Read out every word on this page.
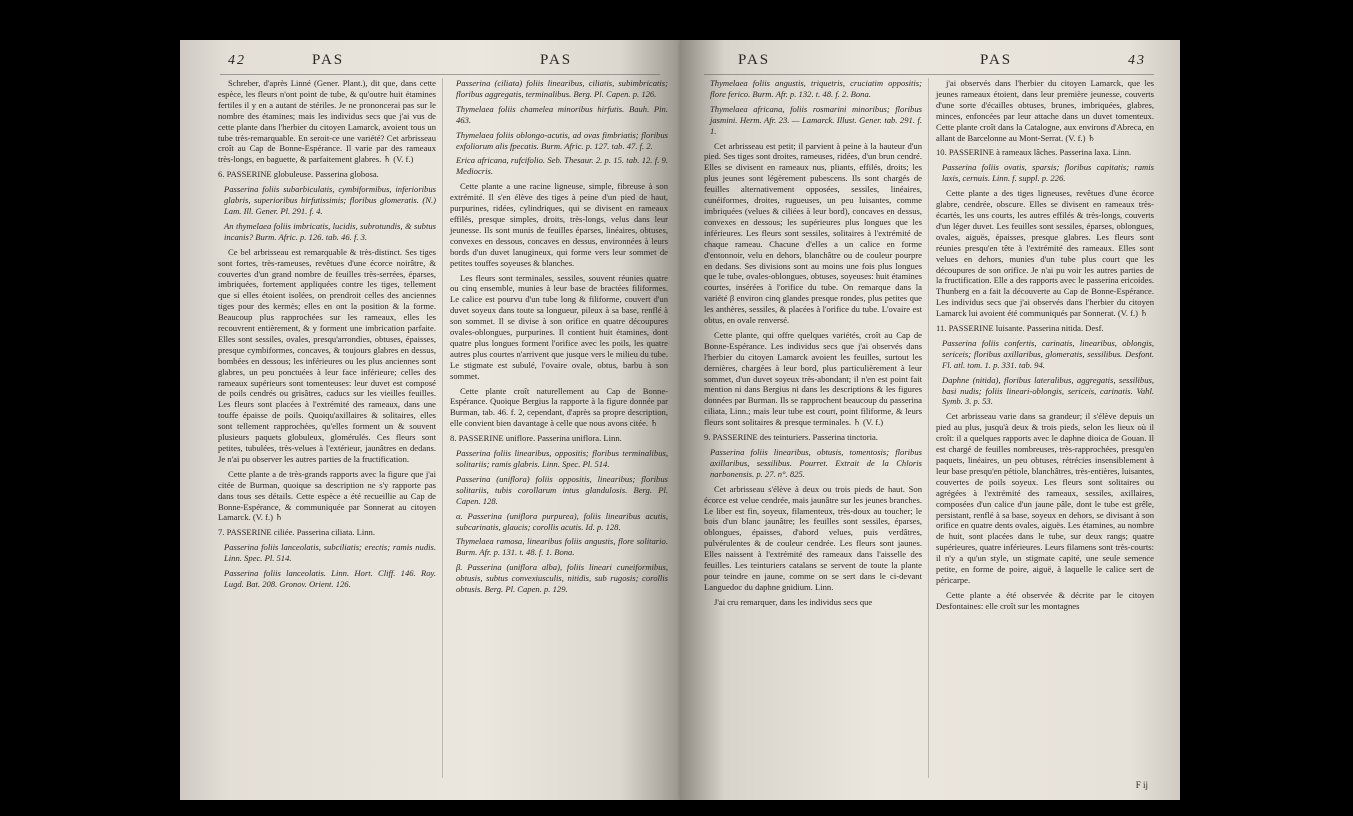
42	PAS	PAS

Schreber, d'après Linné (Gener. Plant.), dit que, dans cette espèce, les fleurs n'ont point de tube, & qu'outre huit étamines fertiles il y en a autant de stériles. Je ne prononcerai pas sur le nombre des étamines; mais les individus secs que j'ai vus de cette plante dans l'herbier du citoyen Lamarck, avoient tous un tube très-remarquable. En seroit-ce une variété? Cet arbrisseau croît au Cap de Bonne-Espérance. Il varie par des rameaux très-longs, en baguette, & parfaitement glabres. ♄ (V. f.)

6. PASSERINE globuleuse. Passerina globosa.

Passerina foliis subarbiculatis, cymbiformibus, inferioribus glabris, superioribus hirfutissimis; floribus glomeratis. (N.) Lam. Ill. Gener. Pl. 291. f. 4.

An thymelaea foliis imbricatis, lucidis, subrotundis, & subtus incanis? Burm. Afric. p. 126. tab. 46. f. 3.

Ce bel arbrisseau est remarquable & très-distinct. Ses tiges sont fortes, très-rameuses, revêtues d'une écorce noirâtre, & couvertes d'un grand nombre de feuilles très-serrées, éparses, imbriquées, fortement appliquées contre les tiges, tellement que si elles étoient isolées, on prendroit celles des anciennes tiges pour des kermès; elles en ont la position & la forme. Beaucoup plus rapprochées sur les rameaux, elles les recouvrent entièrement, & y forment une imbrication parfaite. Elles sont sessiles, ovales, presqu'arrondies, obtuses, épaisses, presque cymbiformes, concaves, & toujours glabres en dessus, bombées en dessous; les inférieures ou les plus anciennes sont glabres, un peu ponctuées à leur face inférieure; celles des rameaux supérieurs sont tomenteuses: leur duvet est composé de poils cendrés ou grisâtres, caducs sur les vieilles feuilles. Les fleurs sont placées à l'extrémité des rameaux, dans une touffe épaisse de poils. Quoiqu'axillaires & solitaires, elles sont tellement rapprochées, qu'elles forment un & souvent plusieurs paquets globuleux, glomérulés. Ces fleurs sont petites, tubulées, très-velues à l'extérieur, jaunâtres en dedans. Je n'ai pu observer les autres parties de la fructification.

Cette plante a de très-grands rapports avec la figure que j'ai citée de Burman, quoique sa description ne s'y rapporte pas dans tous ses détails. Cette espèce a été recueillie au Cap de Bonne-Espérance, & communiquée par Sonnerat au citoyen Lamarck. (V. f.) ♄

7. PASSERINE ciliée. Passerina ciliata. Linn.

Passerina foliis lanceolatis, subciliatis; erectis; ramis nudis. Linn. Spec. Pl. 514.

Passerina foliis lanceolatis. Linn. Hort. Cliff. 146. Roy. Lugd. Bat. 208. Gronov. Orient. 126.

Passerina (ciliata) foliis linearibus, ciliatis, subimbricatis; floribus aggregatis, terminalibus. Berg. Pl. Capen. p. 126.

Thymelaea foliis chamelea minoribus hirfutis. Bauh. Pin. 463.

Thymelaea foliis oblongo-acutis, ad ovas fimbriatis; floribus exfoliorum alis fpecatis. Burm. Afric. p. 127. tab. 47. f. 2.

Erica africana, rufcifolio. Seb. Thesaur. 2. p. 15. tab. 12. f. 9. Mediocris.

Cette plante a une racine ligneuse, simple, fibreuse à son extrémité. Il s'en élève des tiges à peine d'un pied de haut, purpurines, ridées, cylindriques, qui se divisent en rameaux effilés, presque simples, droits, très-longs, velus dans leur jeunesse. Ils sont munis de feuilles éparses, linéaires, obtuses, convexes en dessous, concaves en dessus, environnées à leurs bords d'un duvet lanugineux, qui forme vers leur sommet de petites touffes soyeuses & blanches.

Les fleurs sont terminales, sessiles, souvent réunies quatre ou cinq ensemble, munies à leur base de bractées filiformes. Le calice est pourvu d'un tube long & filiforme, couvert d'un duvet soyeux dans toute sa longueur, pileux à sa base, renflé à son sommet. Il se divise à son orifice en quatre découpures ovales-oblongues, purpurines. Il contient huit étamines, dont quatre plus longues forment l'orifice avec les poils, les quatre autres plus courtes n'arrivent que jusque vers le milieu du tube. Le stigmate est subulé, l'ovaire ovale, obtus, barbu à son sommet.

Cette plante croît naturellement au Cap de Bonne-Espérance. Quoique Bergius la rapporte à la figure donnée par Burman, tab. 46. f. 2, cependant, d'après sa propre description, elle convient bien davantage à celle que nous avons citée. ♄

8. PASSERINE uniflore. Passerina uniflora. Linn.

Passerina foliis linearibus, oppositis; floribus terminalibus, solitariis; ramis glabris. Linn. Spec. Pl. 514.

Passerina (uniflora) foliis oppositis, linearibus; floribus solitariis, tubis corollarum intus glandulosis. Berg. Pl. Capen. 128.

α. Passerina (uniflora purpurea), foliis linearibus acutis, subcarinatis, glaucis; corollis acutis. Id. p. 128.

Thymelaea ramosa, linearibus foliis angustis, flore solitario. Burm. Afr. p. 131. t. 48. f. 1. Bona.

β. Passerina (uniflora alba), foliis lineari cuneiformibus, obtusis, subtus convexiusculis, nitidis, sub rugosis; corollis obtusis. Berg. Pl. Capen. p. 129.

PAS	PAS	43

Thymelaea foliis angustis, triquetris, cruciatim oppositis; flore ferico. Burm. Afr. p. 132. t. 48. f. 2. Bona.

Thymelaea africana, foliis rosmarini minoribus; floribus jasmini. Herm. Afr. 23. — Lamarck. Illust. Gener. tab. 291. f. 1.

Cet arbrisseau est petit; il parvient à peine à la hauteur d'un pied. Ses tiges sont droites, rameuses, ridées, d'un brun cendré. Elles se divisent en rameaux nus, pliants, effilés, droits; les plus jeunes sont légèrement pubescens. Ils sont chargés de feuilles alternativement opposées, sessiles, linéaires, cunéiformes, droites, rugueuses, un peu luisantes, comme imbriquées (velues & ciliées à leur bord), concaves en dessus, convexes en dessous; les supérieures plus longues que les inférieures. Les fleurs sont sessiles, solitaires à l'extrémité de chaque rameau. Chacune d'elles a un calice en forme d'entonnoir, velu en dehors, blanchâtre ou de couleur pourpre en dedans. Ses divisions sont au moins une fois plus longues que le tube, ovales-oblongues, obtuses, soyeuses: huit étamines courtes, insérées à l'orifice du tube. On remarque dans la variété β environ cinq glandes presque rondes, plus petites que les anthères, sessiles, & placées à l'orifice du tube. L'ovaire est obtus, en ovale renversé.

Cette plante, qui offre quelques variétés, croît au Cap de Bonne-Espérance. Les individus secs que j'ai observés dans l'herbier du citoyen Lamarck avoient les feuilles, surtout les dernières, chargées à leur bord, plus particulièrement à leur sommet, d'un duvet soyeux très-abondant; il n'en est point fait mention ni dans Bergius ni dans les descriptions & les figures données par Burman. Ils se rapprochent beaucoup du passerina ciliata, Linn.; mais leur tube est court, point filiforme, & leurs fleurs sont solitaires & presque terminales. ♄ (V. f.)

9. PASSERINE des teinturiers. Passerina tinctoria.

Passerina foliis linearibus, obtusis, tomentosis; floribus axillaribus, sessilibus. Pourret. Extrait de la Chloris narbonensis. p. 27. n°. 825.

Cet arbrisseau s'élève à deux ou trois pieds de haut. Son écorce est velue cendrée, mais jaunâtre sur les jeunes branches. Le liber est fin, soyeux, filamenteux, très-doux au toucher; le bois d'un blanc jaunâtre; les feuilles sont sessiles, éparses, oblongues, épaisses, d'abord velues, puis verdâtres, pulvérulentes & de couleur cendrée. Les fleurs sont jaunes. Elles naissent à l'extrémité des rameaux dans l'aisselle des feuilles. Les teinturiers catalans se servent de toute la plante pour teindre en jaune, comme on se sert dans le ci-devant Languedoc du daphne gnidium. Linn.

J'ai cru remarquer, dans les individus secs que

j'ai observés dans l'herbier du citoyen Lamarck, que les jeunes rameaux étoient, dans leur première jeunesse, couverts d'une sorte d'écailles obtuses, brunes, imbriquées, glabres, minces, enfoncées par leur attache dans un duvet tomenteux. Cette plante croît dans la Catalogne, aux environs d'Abreca, en allant de Barcelonne au Mont-Serrat. (V. f.) ♄

10. PASSERINE à rameaux lâches. Passerina laxa. Linn.

Passerina foliis ovatis, sparsis; floribus capitatis; ramis laxis, cernuis. Linn. f. suppl. p. 226.

Cette plante a des tiges ligneuses, revêtues d'une écorce glabre, cendrée, obscure. Elles se divisent en rameaux très-écartés, les uns courts, les autres effilés & très-longs, couverts d'un léger duvet. Les feuilles sont sessiles, éparses, oblongues, ovales, aiguës, épaisses, presque glabres. Les fleurs sont réunies presqu'en tête à l'extrémité des rameaux. Elles sont velues en dehors, munies d'un tube plus court que les découpures de son orifice. Je n'ai pu voir les autres parties de la fructification. Elle a des rapports avec le passerina ericoides. Thunberg en a fait la découverte au Cap de Bonne-Espérance. Les individus secs que j'ai observés dans l'herbier du citoyen Lamarck lui avoient été communiqués par Sonnerat. (V. f.) ♄

11. PASSERINE luisante. Passerina nitida. Desf.

Passerina foliis confertis, carinatis, linearibus, oblongis, sericeis; floribus axillaribus, glomeratis, sessilibus. Desfont. Fl. atl. tom. 1. p. 331. tab. 94.

Daphne (nitida), floribus lateralibus, aggregatis, sessilibus, basi nudis; foliis lineari-oblongis, sericeis, carinatis. Vahl. Symb. 3. p. 53.

Cet arbrisseau varie dans sa grandeur; il s'élève depuis un pied au plus, jusqu'à deux & trois pieds, selon les lieux où il croît: il a quelques rapports avec le daphne dioica de Gouan. Il est chargé de feuilles nombreuses, très-rapprochées, presqu'en paquets, linéaires, un peu obtuses, rétrécies insensiblement à leur base presqu'en pétiole, blanchâtres, très-entières, luisantes, couvertes de poils soyeux. Les fleurs sont solitaires ou agrégées à l'extrémité des rameaux, sessiles, axillaires, composées d'un calice d'un jaune pâle, dont le tube est grêle, persistant, renflé à sa base, soyeux en dehors, se divisant à son orifice en quatre dents ovales, aiguës. Les étamines, au nombre de huit, sont placées dans le tube, sur deux rangs; quatre supérieures, quatre inférieures. Leurs filamens sont très-courts: il n'y a qu'un style, un stigmate capité, une seule semence petite, en forme de poire, aiguë, à laquelle le calice sert de péricarpe.

Cette plante a été observée & décrite par le citoyen Desfontaines: elle croît sur les montagnes

F ij
